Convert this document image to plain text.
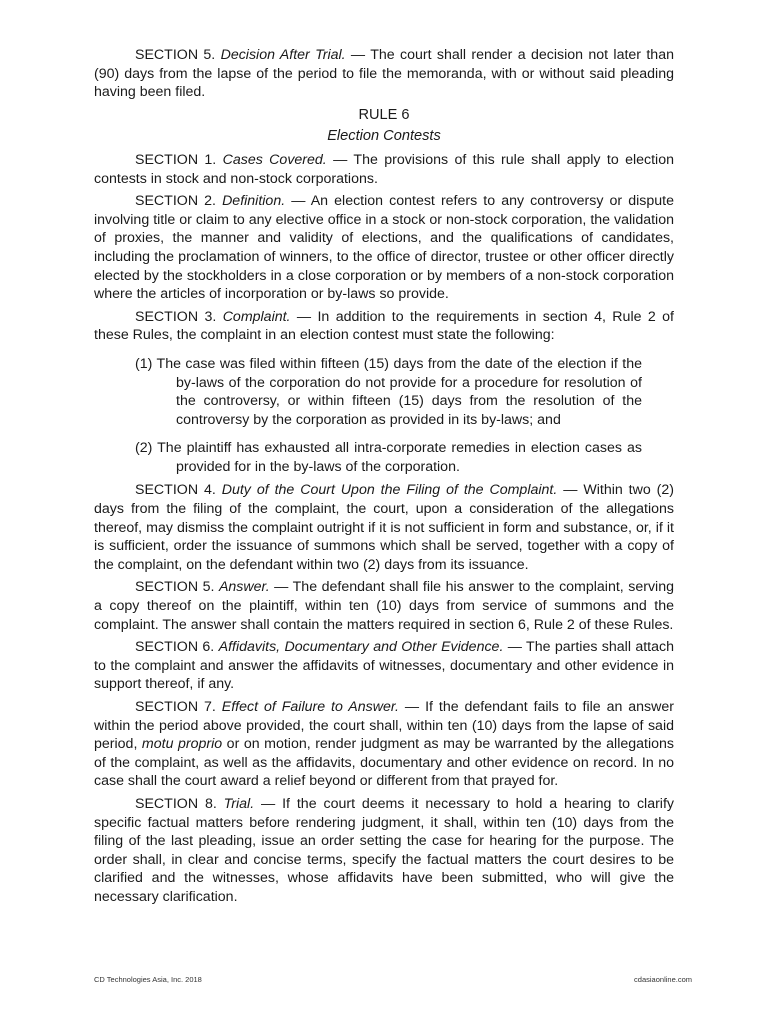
SECTION 5. Decision After Trial. — The court shall render a decision not later than (90) days from the lapse of the period to file the memoranda, with or without said pleading having been filed.

RULE 6
Election Contests

SECTION 1. Cases Covered. — The provisions of this rule shall apply to election contests in stock and non-stock corporations.

SECTION 2. Definition. — An election contest refers to any controversy or dispute involving title or claim to any elective office in a stock or non-stock corporation, the validation of proxies, the manner and validity of elections, and the qualifications of candidates, including the proclamation of winners, to the office of director, trustee or other officer directly elected by the stockholders in a close corporation or by members of a non-stock corporation where the articles of incorporation or by-laws so provide.

SECTION 3. Complaint. — In addition to the requirements in section 4, Rule 2 of these Rules, the complaint in an election contest must state the following:

(1) The case was filed within fifteen (15) days from the date of the election if the by-laws of the corporation do not provide for a procedure for resolution of the controversy, or within fifteen (15) days from the resolution of the controversy by the corporation as provided in its by-laws; and
(2) The plaintiff has exhausted all intra-corporate remedies in election cases as provided for in the by-laws of the corporation.

SECTION 4. Duty of the Court Upon the Filing of the Complaint. — Within two (2) days from the filing of the complaint, the court, upon a consideration of the allegations thereof, may dismiss the complaint outright if it is not sufficient in form and substance, or, if it is sufficient, order the issuance of summons which shall be served, together with a copy of the complaint, on the defendant within two (2) days from its issuance.

SECTION 5. Answer. — The defendant shall file his answer to the complaint, serving a copy thereof on the plaintiff, within ten (10) days from service of summons and the complaint. The answer shall contain the matters required in section 6, Rule 2 of these Rules.

SECTION 6. Affidavits, Documentary and Other Evidence. — The parties shall attach to the complaint and answer the affidavits of witnesses, documentary and other evidence in support thereof, if any.

SECTION 7. Effect of Failure to Answer. — If the defendant fails to file an answer within the period above provided, the court shall, within ten (10) days from the lapse of said period, motu proprio or on motion, render judgment as may be warranted by the allegations of the complaint, as well as the affidavits, documentary and other evidence on record. In no case shall the court award a relief beyond or different from that prayed for.

SECTION 8. Trial. — If the court deems it necessary to hold a hearing to clarify specific factual matters before rendering judgment, it shall, within ten (10) days from the filing of the last pleading, issue an order setting the case for hearing for the purpose. The order shall, in clear and concise terms, specify the factual matters the court desires to be clarified and the witnesses, whose affidavits have been submitted, who will give the necessary clarification.

CD Technologies Asia, Inc. 2018	cdasiaonline.com
